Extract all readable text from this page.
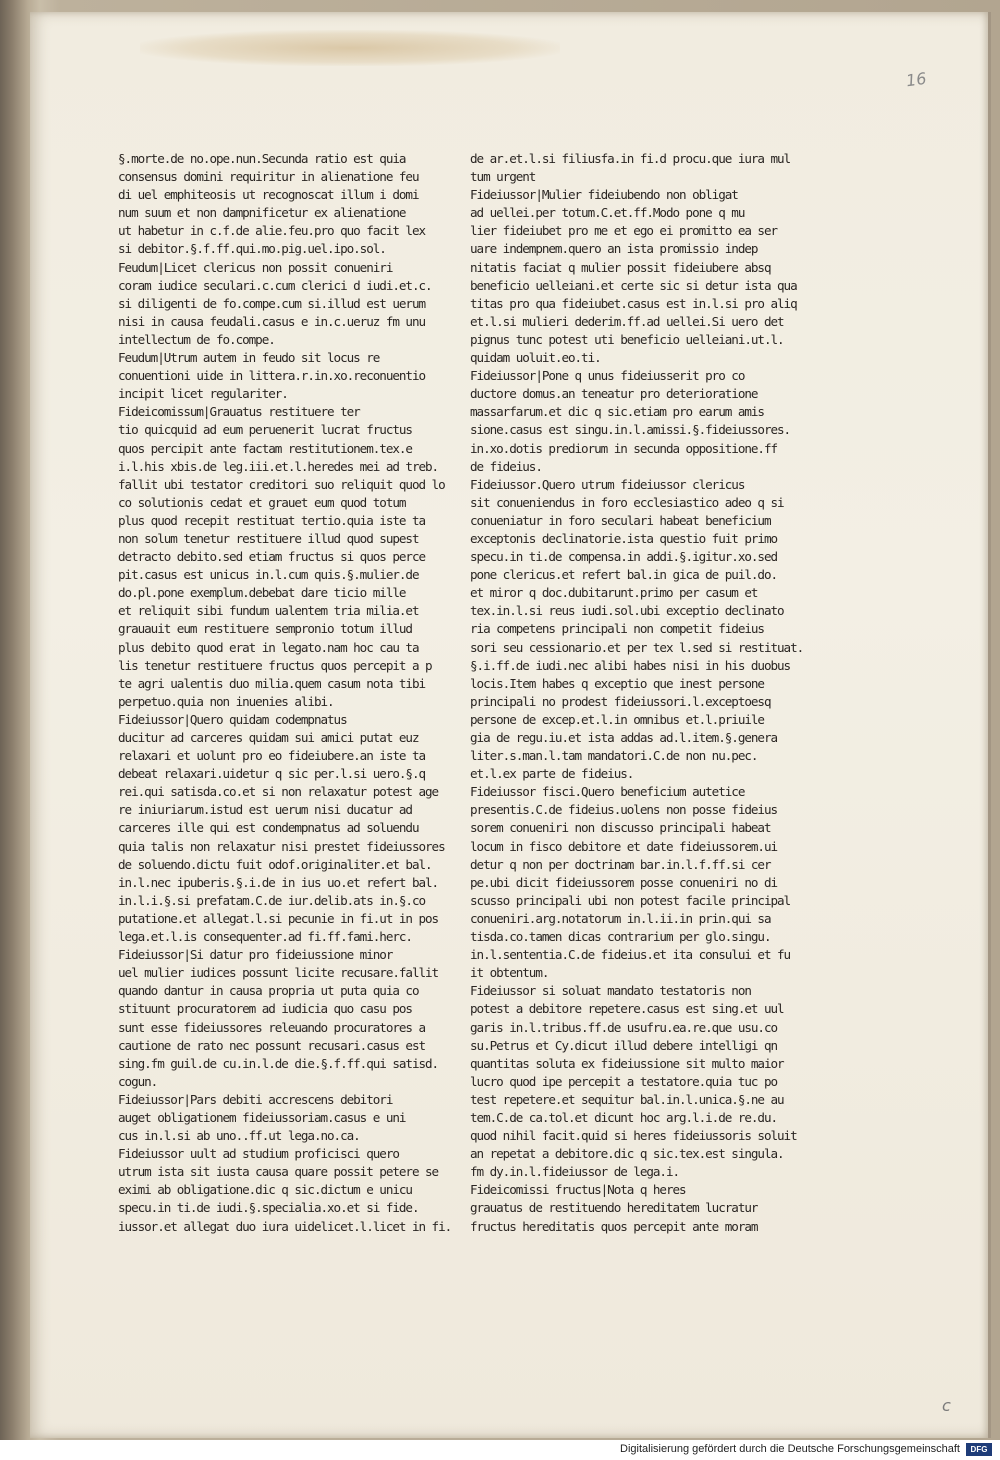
16
§.morte.de no.ope.nun.Secunda ratio est quia
consensus domini requiritur in alienatione feu
di uel emphiteosis ut recognoscat illum i domi
num suum et non dampnificetur ex alienatione
ut habetur in c.f.de alie.feu.pro quo facit lex
si debitor.§.f.ff.qui.mo.pig.uel.ipo.sol.
Feudum|Licet clericus non possit conueniri
coram iudice seculari.c.cum clerici d iudi.et.c.
si diligenti de fo.compe.cum si.illud est uerum
nisi in causa feudali.casus e in.c.ueruz fm unu
intellectum de fo.compe.
Feudum|Utrum autem in feudo sit locus re
conuentioni uide in littera.r.in.xo.reconuentio
incipit licet regulariter.
Fideicomissum|Grauatus restituere ter
tio quicquid ad eum peruenerit lucrat fructus
quos percipit ante factam restitutionem.tex.e
i.l.his xbis.de leg.iii.et.l.heredes mei ad treb.
fallit ubi testator creditori suo reliquit quod lo
co solutionis cedat et grauet eum quod totum
plus quod recepit restituat tertio.quia iste ta
non solum tenetur restituere illud quod supest
detracto debito.sed etiam fructus si quos perce
pit.casus est unicus in.l.cum quis.§.mulier.de
do.pl.pone exemplum.debebat dare ticio mille
et reliquit sibi fundum ualentem tria milia.et
grauauit eum restituere sempronio totum illud
plus debito quod erat in legato.nam hoc cau ta
lis tenetur restituere fructus quos percepit a p
te agri ualentis duo milia.quem casum nota tibi
perpetuo.quia non inuenies alibi.
Fideiussor|Quero quidam codempnatus
ducitur ad carceres quidam sui amici putat euz
relaxari et uolunt pro eo fideiubere.an iste ta
debeat relaxari.uidetur q sic per.l.si uero.§.q
rei.qui satisda.co.et si non relaxatur potest age
re iniuriarum.istud est uerum nisi ducatur ad
carceres ille qui est condempnatus ad soluendu
quia talis non relaxatur nisi prestet fideiussores
de soluendo.dictu fuit odof.originaliter.et bal.
in.l.nec ipuberis.§.i.de in ius uo.et refert bal.
in.l.i.§.si prefatam.C.de iur.delib.ats in.§.co
putatione.et allegat.l.si pecunie in fi.ut in pos
lega.et.l.is consequenter.ad fi.ff.fami.herc.
Fideiussor|Si datur pro fideiussione minor
uel mulier iudices possunt licite recusare.fallit
quando dantur in causa propria ut puta quia co
stituunt procuratorem ad iudicia quo casu pos
sunt esse fideiussores releuando procuratores a
cautione de rato nec possunt recusari.casus est
sing.fm guil.de cu.in.l.de die.§.f.ff.qui satisd.
cogun.
Fideiussor|Pars debiti accrescens debitori
auget obligationem fideiussoriam.casus e uni
cus in.l.si ab uno..ff.ut lega.no.ca.
Fideiussor uult ad studium proficisci quero
utrum ista sit iusta causa quare possit petere se
eximi ab obligatione.dic q sic.dictum e unicu
specu.in ti.de iudi.§.specialia.xo.et si fide.
iussor.et allegat duo iura uidelicet.l.licet in fi.
de ar.et.l.si filiusfa.in fi.d procu.que iura mul
tum urgent
Fideiussor|Mulier fideiubendo non obligat
ad uellei.per totum.C.et.ff.Modo pone q mu
lier fideiubet pro me et ego ei promitto ea ser
uare indempnem.quero an ista promissio indep
nitatis faciat q mulier possit fideiubere absq
beneficio uelleiani.et certe sic si detur ista qua
titas pro qua fideiubet.casus est in.l.si pro aliq
et.l.si mulieri dederim.ff.ad uellei.Si uero det
pignus tunc potest uti beneficio uelleiani.ut.l.
quidam uoluit.eo.ti.
Fideiussor|Pone q unus fideiusserit pro co
ductore domus.an teneatur pro deterioratione
massarfarum.et dic q sic.etiam pro earum amis
sione.casus est singu.in.l.amissi.§.fideiussores.
in.xo.dotis prediorum in secunda oppositione.ff
de fideius.
Fideiussor.Quero utrum fideiussor clericus
sit conueniendus in foro ecclesiastico adeo q si
conueniatur in foro seculari habeat beneficium
exceptonis declinatorie.ista questio fuit primo
specu.in ti.de compensa.in addi.§.igitur.xo.sed
pone clericus.et refert bal.in gica de puil.do.
et miror q doc.dubitarunt.primo per casum et
tex.in.l.si reus iudi.sol.ubi exceptio declinato
ria competens principali non competit fideius
sori seu cessionario.et per tex l.sed si restituat.
§.i.ff.de iudi.nec alibi habes nisi in his duobus
locis.Item habes q exceptio que inest persone
principali no prodest fideiussori.l.exceptoesq
persone de excep.et.l.in omnibus et.l.priuile
gia de regu.iu.et ista addas ad.l.item.§.genera
liter.s.man.l.tam mandatori.C.de non nu.pec.
et.l.ex parte de fideius.
Fideiussor fisci.Quero beneficium autetice
presentis.C.de fideius.uolens non posse fideius
sorem conueniri non discusso principali habeat
locum in fisco debitore et date fideiussorem.ui
detur q non per doctrinam bar.in.l.f.ff.si cer
pe.ubi dicit fideiussorem posse conueniri no di
scusso principali ubi non potest facile principal
conueniri.arg.notatorum in.l.ii.in prin.qui sa
tisda.co.tamen dicas contrarium per glo.singu.
in.l.sententia.C.de fideius.et ita consului et fu
it obtentum.
Fideiussor si soluat mandato testatoris non
potest a debitore repetere.casus est sing.et uul
garis in.l.tribus.ff.de usufru.ea.re.que usu.co
su.Petrus et Cy.dicut illud debere intelligi qn
quantitas soluta ex fideiussione sit multo maior
lucro quod ipe percepit a testatore.quia tuc po
test repetere.et sequitur bal.in.l.unica.§.ne au
tem.C.de ca.tol.et dicunt hoc arg.l.i.de re.du.
quod nihil facit.quid si heres fideiussoris soluit
an repetat a debitore.dic q sic.tex.est singula.
fm dy.in.l.fideiussor de lega.i.
Fideicomissi fructus|Nota q heres
grauatus de restituendo hereditatem lucratur
fructus hereditatis quos percepit ante moram
c
Digitalisierung gefördert durch die Deutsche Forschungsgemeinschaft	DFG
